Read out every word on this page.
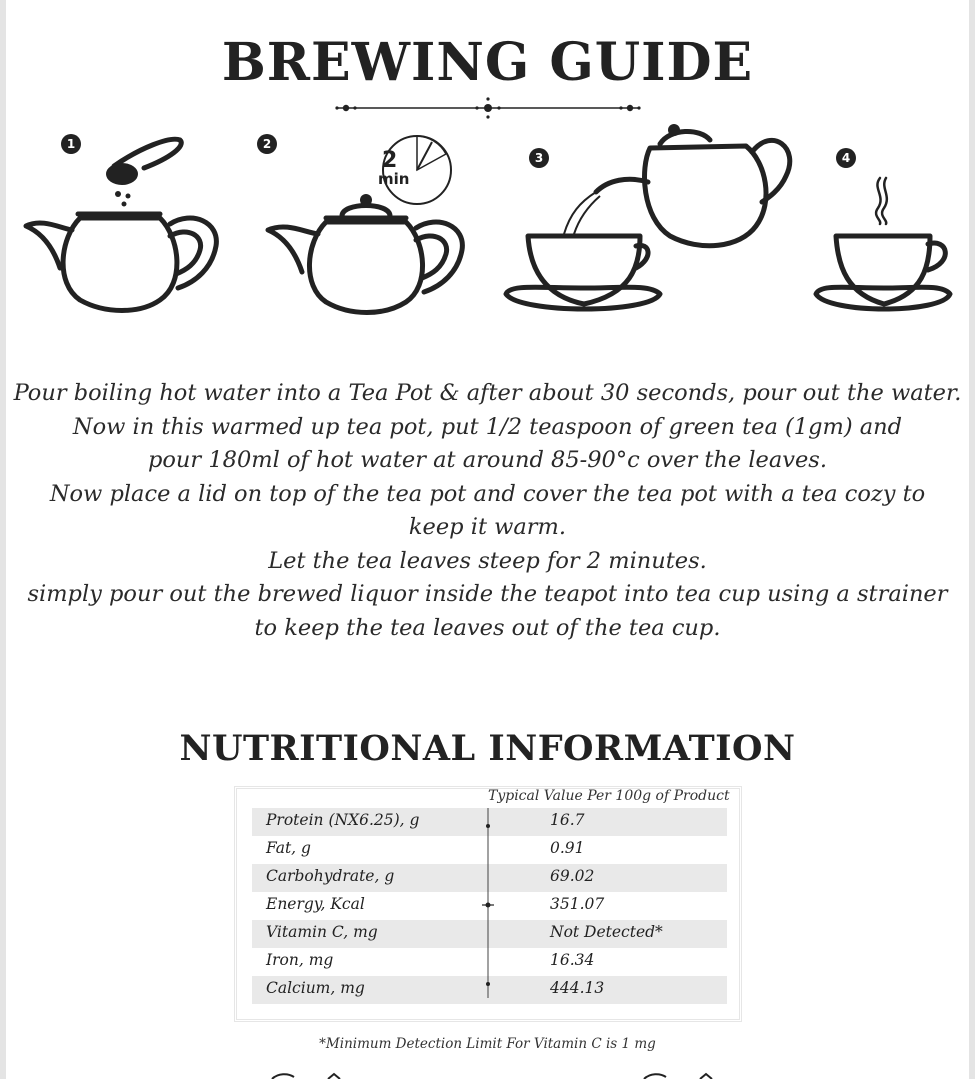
BREWING GUIDE
1	2
2
min
3	4
Pour boiling hot water into a Tea Pot & after about 30 seconds, pour out the water.
Now in this warmed up tea pot, put 1/2 teaspoon of green tea (1gm) and
pour 180ml of hot water at around 85-90°c over the leaves.
Now place a lid on top of the tea pot and cover the tea pot with a tea cozy to
keep it warm.
Let the tea leaves steep for 2 minutes.
simply pour out the brewed liquor inside the teapot into tea cup using a strainer
to keep the tea leaves out of the tea cup.
NUTRITIONAL INFORMATION
Typical Value Per 100g of Product
Protein (NX6.25), g	16.7
Fat, g	0.91
Carbohydrate, g	69.02
Energy, Kcal	351.07
Vitamin C, mg	Not Detected*
Iron, mg	16.34
Calcium, mg	444.13
*Minimum Detection Limit For Vitamin C is 1 mg
